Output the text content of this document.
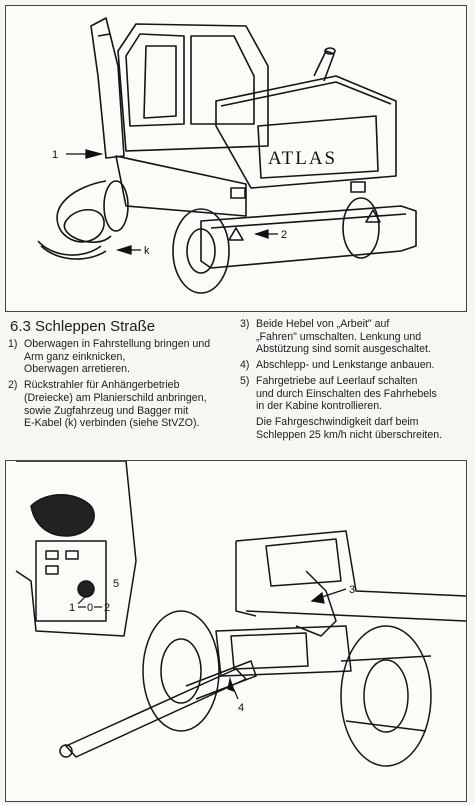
ATLAS
1
2
k
6.3 Schleppen Straße
1) Oberwagen in Fahrstellung bringen und
Arm ganz einknicken,
Oberwagen arretieren.
2) Rückstrahler für Anhängerbetrieb
(Dreiecke) am Planierschild anbringen,
sowie Zugfahrzeug und Bagger mit
E-Kabel (k) verbinden (siehe StVZO).
3) Beide Hebel von „Arbeit" auf
„Fahren" umschalten. Lenkung und
Abstützung sind somit ausgeschaltet.
4) Abschlepp- und Lenkstange anbauen.
5) Fahrgetriebe auf Leerlauf schalten
und durch Einschalten des Fahrhebels
in der Kabine kontrollieren.
Die Fahrgeschwindigkeit darf beim
Schleppen 25 km/h nicht überschreiten.
5
1 0 2
3
4
